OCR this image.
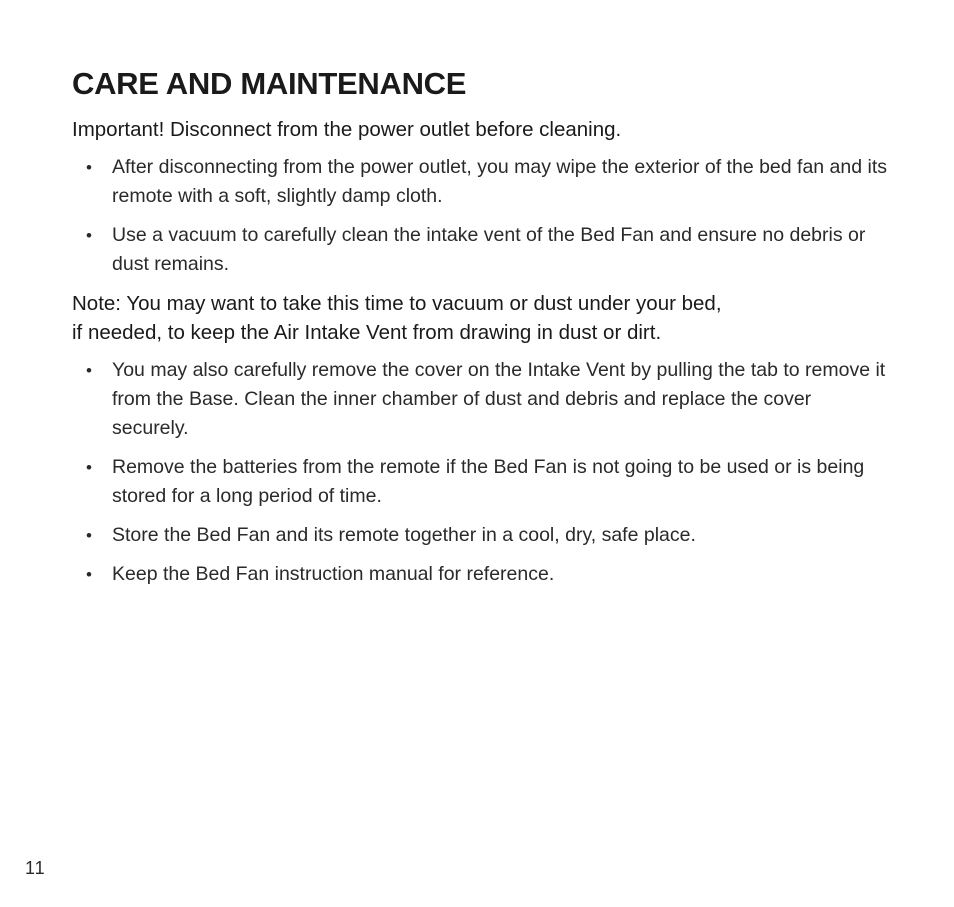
CARE AND MAINTENANCE

Important! Disconnect from the power outlet before cleaning.

• After disconnecting from the power outlet, you may wipe the exterior of the bed fan and its remote with a soft, slightly damp cloth.
• Use a vacuum to carefully clean the intake vent of the Bed Fan and ensure no debris or dust remains.

Note: You may want to take this time to vacuum or dust under your bed,
if needed, to keep the Air Intake Vent from drawing in dust or dirt.

• You may also carefully remove the cover on the Intake Vent by pulling the tab to remove it from the Base. Clean the inner chamber of dust and debris and replace the cover securely.
• Remove the batteries from the remote if the Bed Fan is not going to be used or is being stored for a long period of time.
• Store the Bed Fan and its remote together in a cool, dry, safe place.
• Keep the Bed Fan instruction manual for reference.
11
